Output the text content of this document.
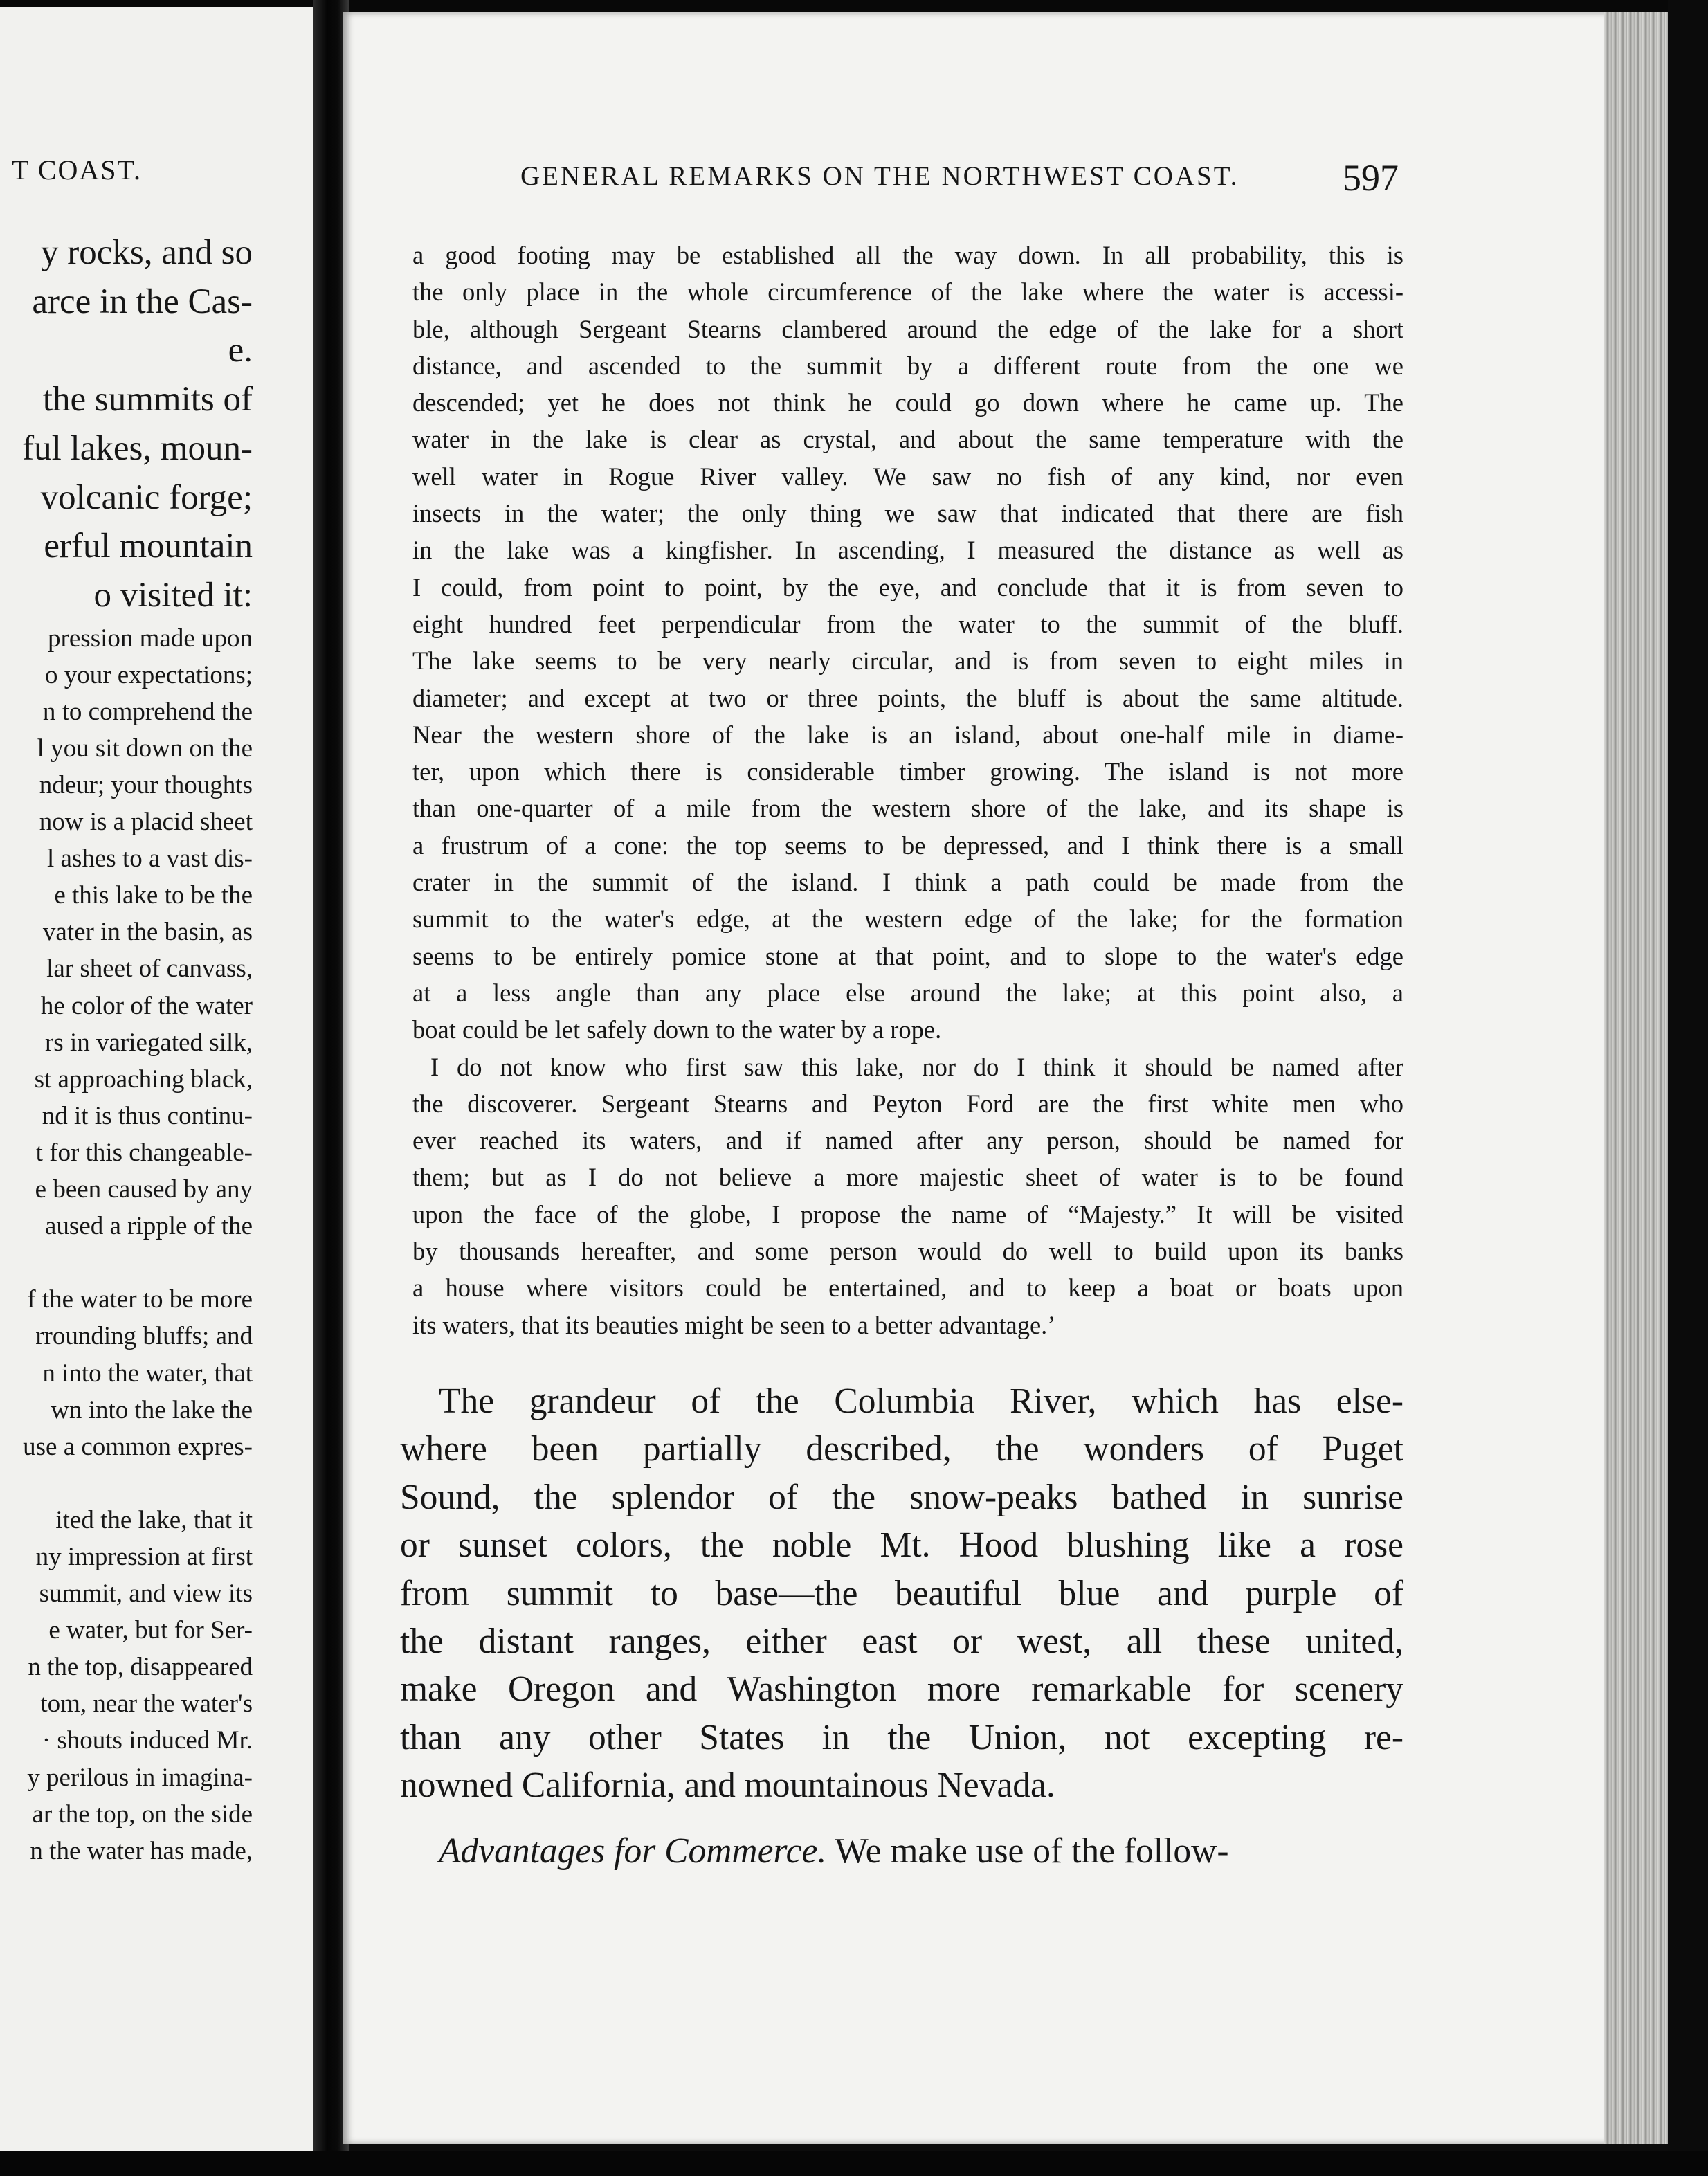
T COAST.
y rocks, and so
arce in the Cas-
e.
the summits of
ful lakes, moun-
volcanic forge;
erful mountain
o visited it:
pression made upon
o your expectations;
n to comprehend the
l you sit down on the
ndeur; your thoughts
now is a placid sheet
l ashes to a vast dis-
e this lake to be the
vater in the basin, as
lar sheet of canvass,
he color of the water
rs in variegated silk,
st approaching black,
nd it is thus continu-
t for this changeable-
e been caused by any
aused a ripple of the

f the water to be more
rrounding bluffs; and
n into the water, that
wn into the lake the
use a common expres-

ited the lake, that it
ny impression at first
summit, and view its
e water, but for Ser-
n the top, disappeared
tom, near the water's
· shouts induced Mr.
y perilous in imagina-
ar the top, on the side
n the water has made,
GENERAL REMARKS ON THE NORTHWEST COAST.	597
a good footing may be established all the way down. In all probability, this is
the only place in the whole circumference of the lake where the water is accessi-
ble, although Sergeant Stearns clambered around the edge of the lake for a short
distance, and ascended to the summit by a different route from the one we
descended; yet he does not think he could go down where he came up. The
water in the lake is clear as crystal, and about the same temperature with the
well water in Rogue River valley. We saw no fish of any kind, nor even
insects in the water; the only thing we saw that indicated that there are fish
in the lake was a kingfisher. In ascending, I measured the distance as well as
I could, from point to point, by the eye, and conclude that it is from seven to
eight hundred feet perpendicular from the water to the summit of the bluff.
The lake seems to be very nearly circular, and is from seven to eight miles in
diameter; and except at two or three points, the bluff is about the same altitude.
Near the western shore of the lake is an island, about one-half mile in diame-
ter, upon which there is considerable timber growing. The island is not more
than one-quarter of a mile from the western shore of the lake, and its shape is
a frustrum of a cone: the top seems to be depressed, and I think there is a small
crater in the summit of the island. I think a path could be made from the
summit to the water's edge, at the western edge of the lake; for the formation
seems to be entirely pomice stone at that point, and to slope to the water's edge
at a less angle than any place else around the lake; at this point also, a
boat could be let safely down to the water by a rope.
I do not know who first saw this lake, nor do I think it should be named after
the discoverer. Sergeant Stearns and Peyton Ford are the first white men who
ever reached its waters, and if named after any person, should be named for
them; but as I do not believe a more majestic sheet of water is to be found
upon the face of the globe, I propose the name of “Majesty.” It will be visited
by thousands hereafter, and some person would do well to build upon its banks
a house where visitors could be entertained, and to keep a boat or boats upon
its waters, that its beauties might be seen to a better advantage.’
The grandeur of the Columbia River, which has else-
where been partially described, the wonders of Puget
Sound, the splendor of the snow-peaks bathed in sunrise
or sunset colors, the noble Mt. Hood blushing like a rose
from summit to base—the beautiful blue and purple of
the distant ranges, either east or west, all these united,
make Oregon and Washington more remarkable for scenery
than any other States in the Union, not excepting re-
nowned California, and mountainous Nevada.
Advantages for Commerce. We make use of the follow-
